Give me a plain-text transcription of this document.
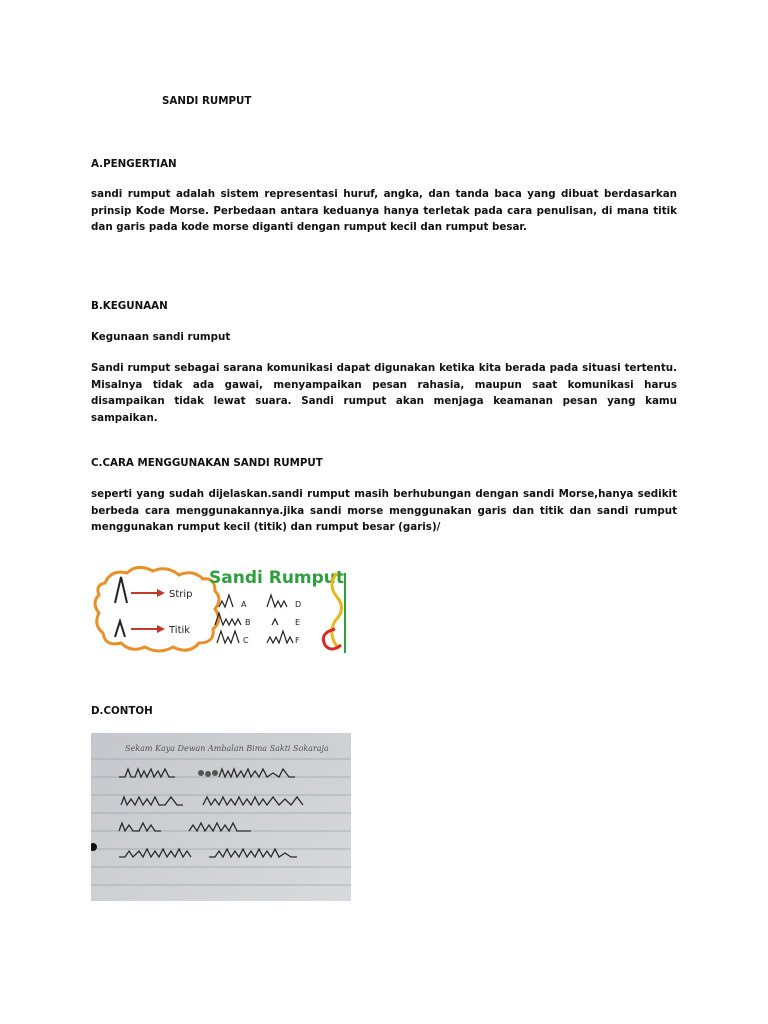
SANDI RUMPUT

A.PENGERTIAN

sandi rumput adalah sistem representasi huruf, angka, dan tanda baca yang dibuat berdasarkan prinsip Kode Morse. Perbedaan antara keduanya hanya terletak pada cara penulisan, di mana titik dan garis pada kode morse diganti dengan rumput kecil dan rumput besar.

B.KEGUNAAN

Kegunaan sandi rumput

Sandi rumput sebagai sarana komunikasi dapat digunakan ketika kita berada pada situasi tertentu. Misalnya tidak ada gawai, menyampaikan pesan rahasia, maupun saat komunikasi harus disampaikan tidak lewat suara. Sandi rumput akan menjaga keamanan pesan yang kamu sampaikan.

C.CARA MENGGUNAKAN SANDI RUMPUT

seperti yang sudah dijelaskan.sandi rumput masih berhubungan dengan sandi Morse,hanya sedikit berbeda cara menggunakannya.jika sandi morse menggunakan garis dan titik dan sandi rumput menggunakan rumput kecil (titik) dan rumput besar (garis)/

Strip
Titik
Sandi Rumput
A
B
C
D
E
F

D.CONTOH

Sekam Kaya Dewan Ambalan Bima Sakti Sokaraja
